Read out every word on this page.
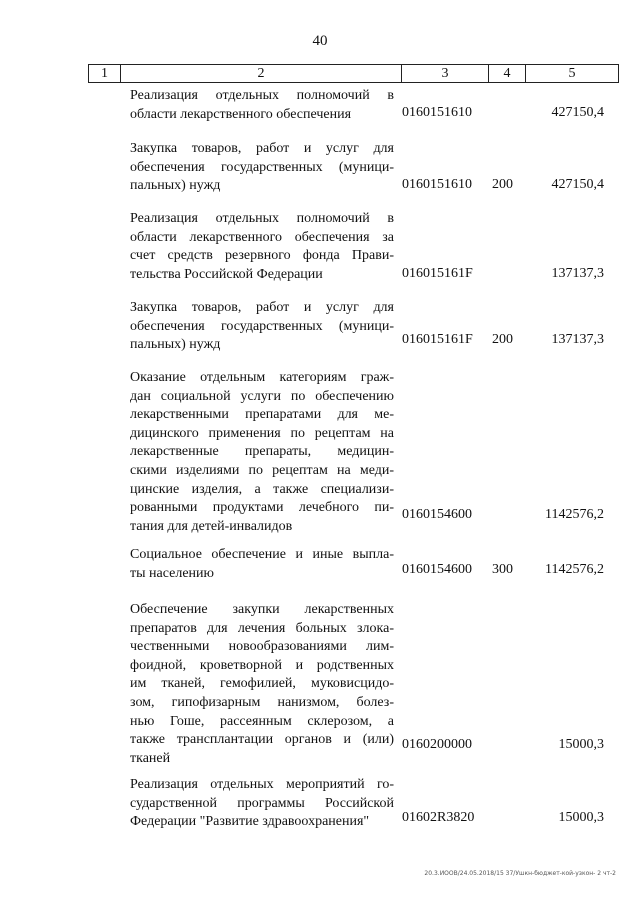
40
1	2	3	4	5
Реализация отдельных полномочий в
области лекарственного обеспечения	0160151610	427150,4
Закупка товаров, работ и услуг для
обеспечения государственных (муници-
пальных) нужд	0160151610 200	427150,4
Реализация отдельных полномочий в
области лекарственного обеспечения за
счет средств резервного фонда Прави-
тельства Российской Федерации	016015161F	137137,3
Закупка товаров, работ и услуг для
обеспечения государственных (муници-
пальных) нужд	016015161F 200	137137,3
Оказание отдельным категориям граж-
дан социальной услуги по обеспечению
лекарственными препаратами для ме-
дицинского применения по рецептам на
лекарственные препараты, медицин-
скими изделиями по рецептам на меди-
цинские изделия, а также специализи-
рованными продуктами лечебного пи-
тания для детей-инвалидов
0160154600	1142576,2
Социальное обеспечение и иные выпла-
ты населению	0160154600 300 1142576,2
Обеспечение закупки лекарственных
препаратов для лечения больных злока-
чественными новообразованиями лим-
фоидной, кроветворной и родственных
им тканей, гемофилией, муковисцидо-
зом, гипофизарным нанизмом, болез-
нью Гоше, рассеянным склерозом, а
также трансплантации органов и (или)
тканей
0160200000	15000,3
Реализация отдельных мероприятий го-
сударственной программы Российской
Федерации "Развитие здравоохранения"	01602R3820	15000,3
20.3.ИООВ/24.05.2018/15 37/Ушкн-бюджет-кой-узкон- 2 чт-2
